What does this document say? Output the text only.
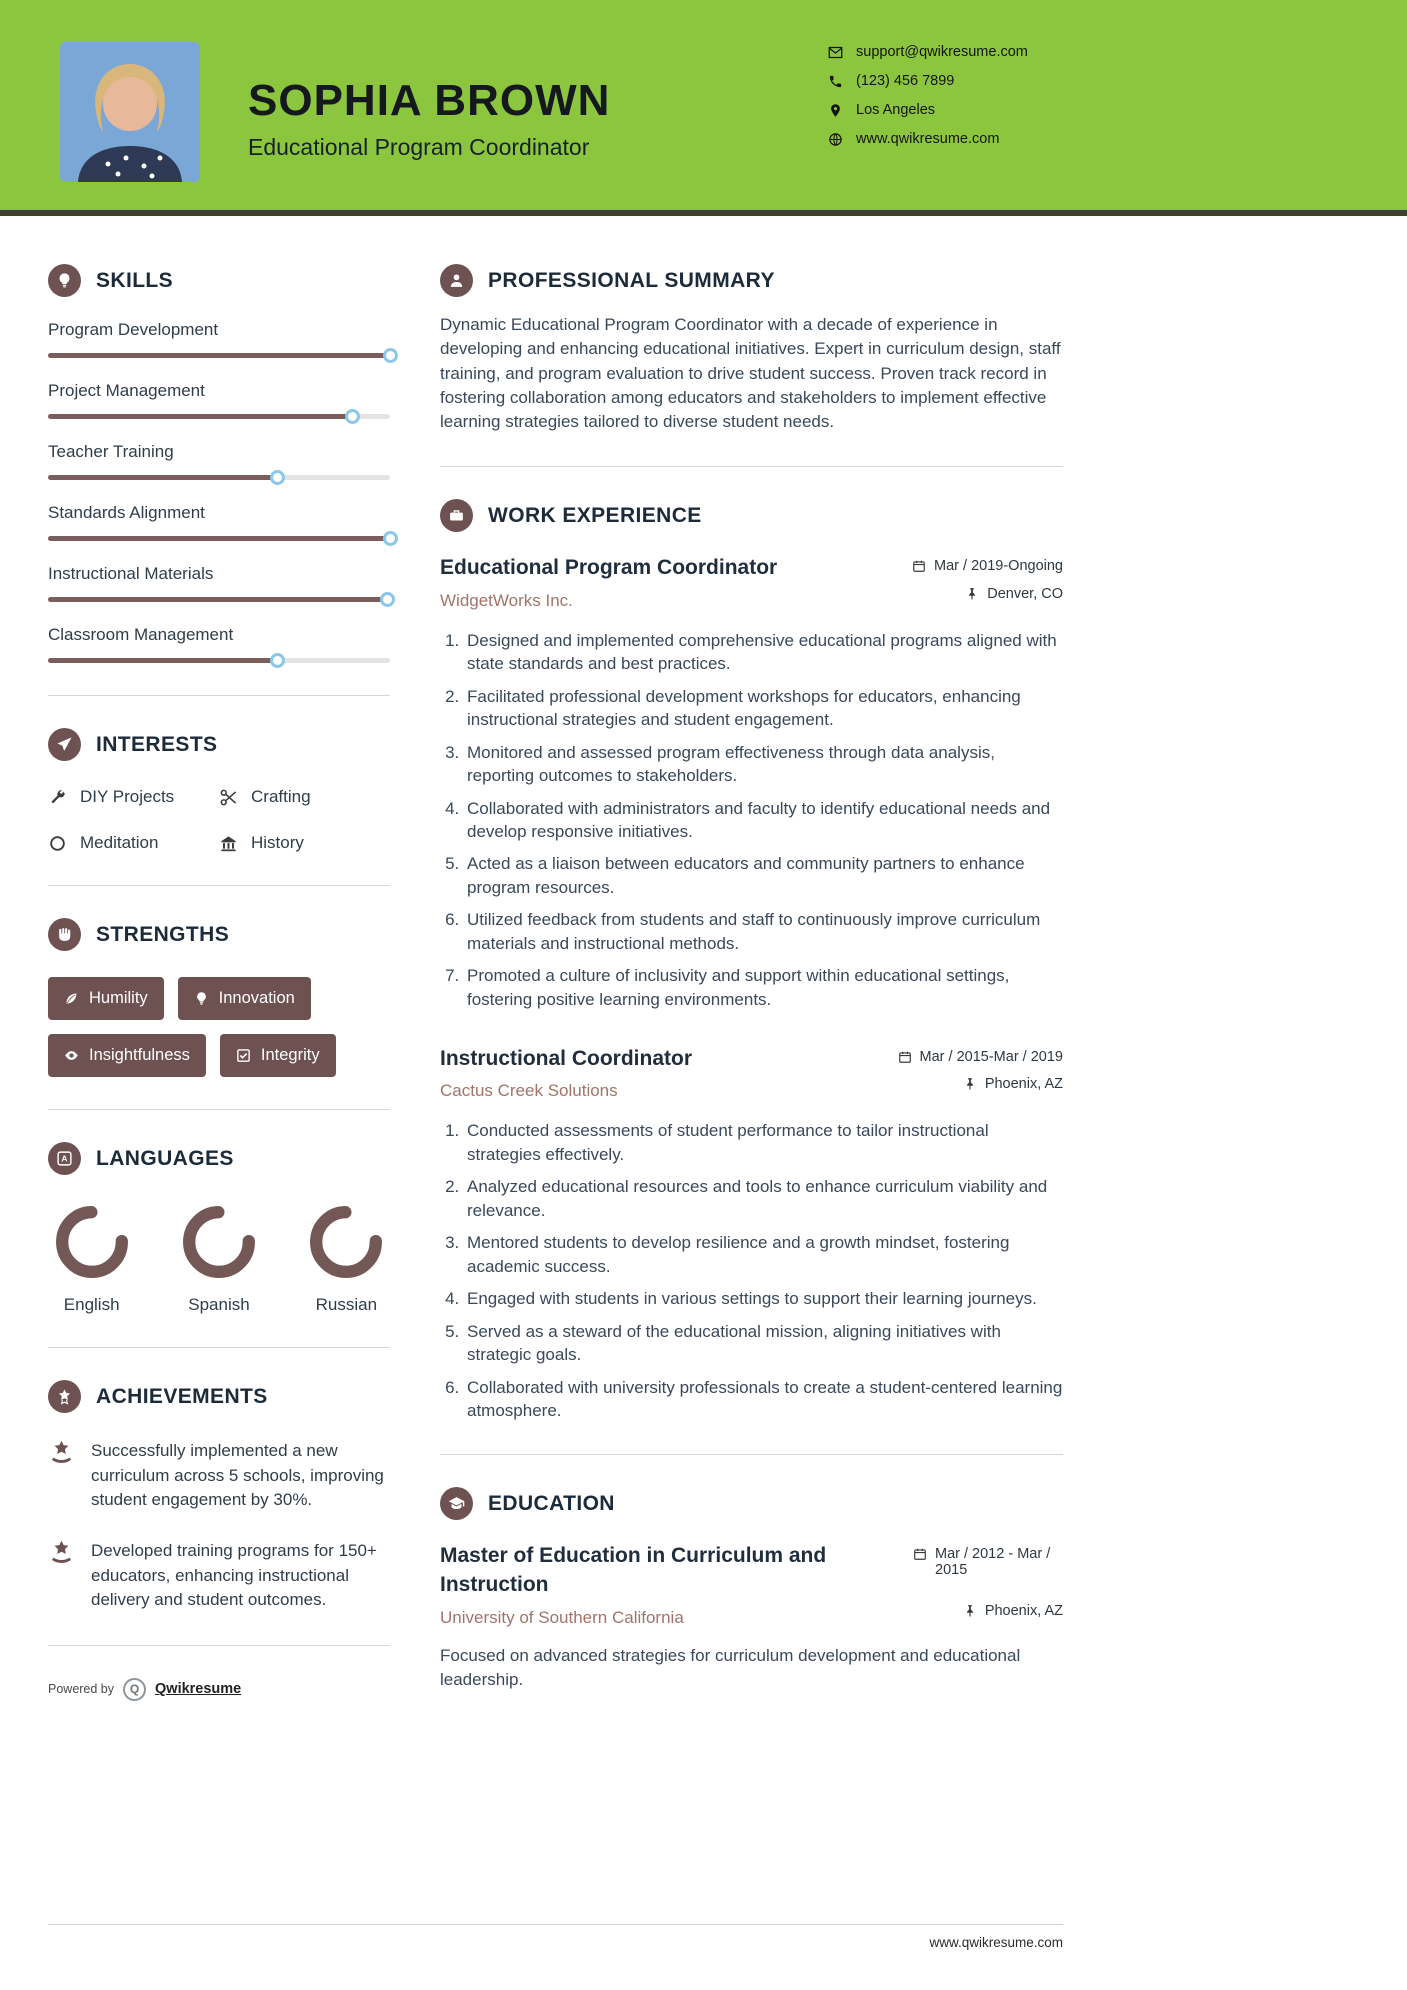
SOPHIA BROWN
Educational Program Coordinator
support@qwikresume.com
(123) 456 7899
Los Angeles
www.qwikresume.com
SKILLS
Program Development
Project Management
Teacher Training
Standards Alignment
Instructional Materials
Classroom Management
INTERESTS
DIY Projects	Crafting
Meditation	History
STRENGTHS
Humility	Innovation
Insightfulness	Integrity
A LANGUAGES
English	Spanish	Russian
ACHIEVEMENTS
Successfully implemented a new curriculum across 5 schools, improving student engagement by 30%.
Developed training programs for 150+ educators, enhancing instructional delivery and student outcomes.
Powered by	Q	Qwikresume
PROFESSIONAL SUMMARY

Dynamic Educational Program Coordinator with a decade of experience in developing and enhancing educational initiatives. Expert in curriculum design, staff training, and program evaluation to drive student success. Proven track record in fostering collaboration among educators and stakeholders to implement effective learning strategies tailored to diverse student needs.

WORK EXPERIENCE
Educational Program Coordinator	Mar / 2019-Ongoing
WidgetWorks Inc.	Denver, CO
1. Designed and implemented comprehensive educational programs aligned with state standards and best practices.
2. Facilitated professional development workshops for educators, enhancing instructional strategies and student engagement.
3. Monitored and assessed program effectiveness through data analysis, reporting outcomes to stakeholders.
4. Collaborated with administrators and faculty to identify educational needs and develop responsive initiatives.
5. Acted as a liaison between educators and community partners to enhance program resources.
6. Utilized feedback from students and staff to continuously improve curriculum materials and instructional methods.
7. Promoted a culture of inclusivity and support within educational settings, fostering positive learning environments.
Instructional Coordinator	Mar / 2015-Mar / 2019
Cactus Creek Solutions	Phoenix, AZ
1. Conducted assessments of student performance to tailor instructional strategies effectively.
2. Analyzed educational resources and tools to enhance curriculum viability and relevance.
3. Mentored students to develop resilience and a growth mindset, fostering academic success.
4. Engaged with students in various settings to support their learning journeys.
5. Served as a steward of the educational mission, aligning initiatives with strategic goals.
6. Collaborated with university professionals to create a student-centered learning atmosphere.
EDUCATION
Master of Education in Curriculum and Instruction
Mar / 2012 - Mar / 2015
University of Southern California	Phoenix, AZ

Focused on advanced strategies for curriculum development and educational leadership.

www.qwikresume.com
